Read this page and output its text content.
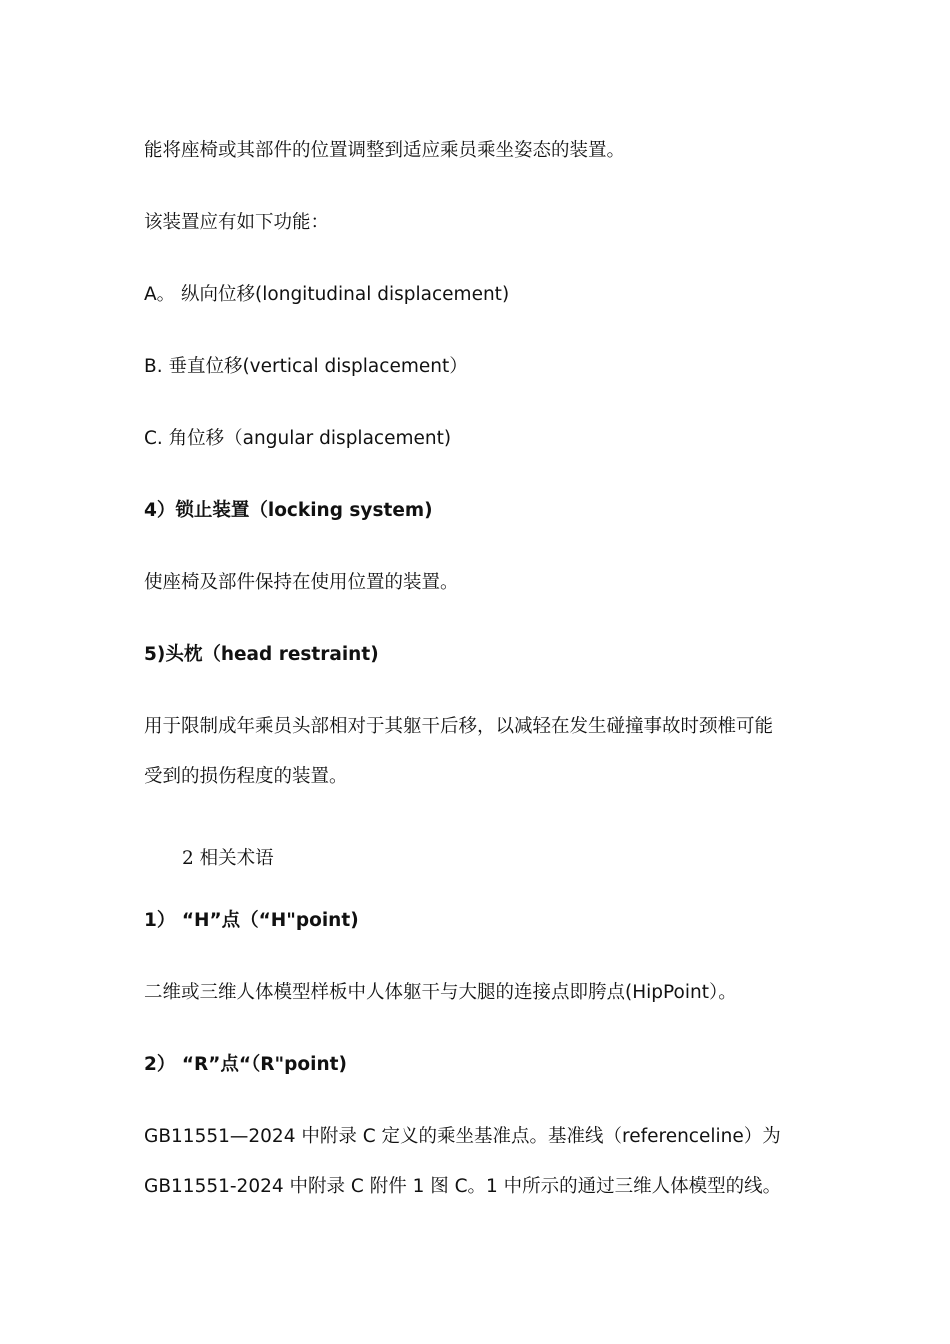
能将座椅或其部件的位置调整到适应乘员乘坐姿态的装置。
该装置应有如下功能：
A。 纵向位移(longitudinal displacement)
B. 垂直位移(vertical displacement）
C. 角位移（angular displacement)
4）锁止装置（locking system)
使座椅及部件保持在使用位置的装置。
5)头枕（head restraint)
用于限制成年乘员头部相对于其躯干后移，以减轻在发生碰撞事故时颈椎可能
受到的损伤程度的装置。
2 相关术语
1） “H”点（“H"point)
二维或三维人体模型样板中人体躯干与大腿的连接点即胯点(HipPoint）。
2） “R”点“（R"point)
GB11551—2024 中附录 C 定义的乘坐基准点。基准线（referenceline）为
GB11551-2024 中附录 C 附件 1 图 C。1 中所示的通过三维人体模型的线。
